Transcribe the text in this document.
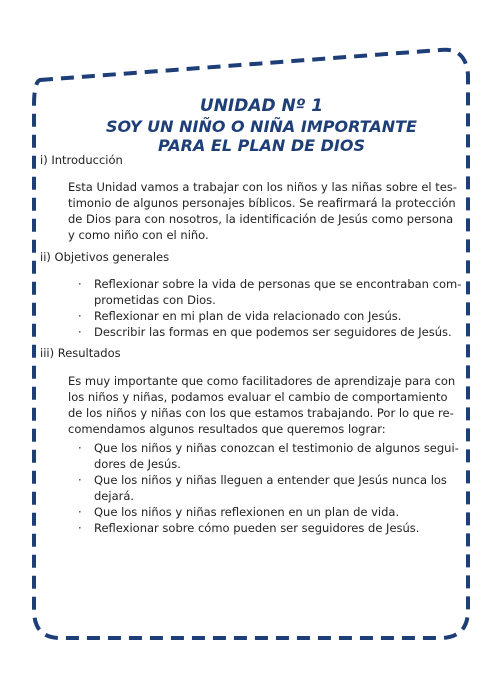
UNIDAD Nº 1
SOY UN NIÑO O NIÑA IMPORTANTE
PARA EL PLAN DE DIOS

i) Introducción

Esta Unidad vamos a trabajar con los niños y las niñas sobre el tes-
timonio de algunos personajes bíblicos. Se reafirmará la protección
de Dios para con nosotros, la identificación de Jesús como persona
y como niño con el niño.

ii) Objetivos generales

· Reflexionar sobre la vida de personas que se encontraban com-
prometidas con Dios.
· Reflexionar en mi plan de vida relacionado con Jesús.
· Describir las formas en que podemos ser seguidores de Jesús.

iii) Resultados

Es muy importante que como facilitadores de aprendizaje para con
los niños y niñas, podamos evaluar el cambio de comportamiento
de los niños y niñas con los que estamos trabajando. Por lo que re-
comendamos algunos resultados que queremos lograr:

· Que los niños y niñas conozcan el testimonio de algunos segui-
dores de Jesús.
· Que los niños y niñas lleguen a entender que Jesús nunca los
dejará.
· Que los niños y niñas reflexionen en un plan de vida.
· Reflexionar sobre cómo pueden ser seguidores de Jesús.
